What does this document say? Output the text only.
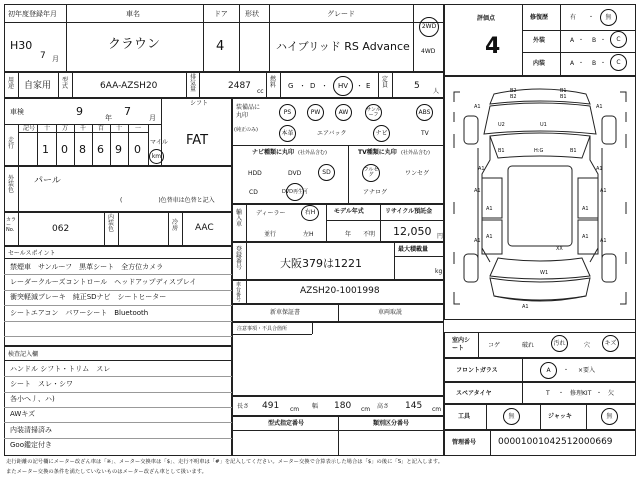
初年度登録年月
H30
7 月
車名
クラウン
ドア
4
形状	グレード
ハイブリッド RS Advance
2WD
4WD
用途 自家用
型式	6AA-AZSH20
排気量	2487
cc
燃料 G ・ D ・ HV ・ E
定員	5
人
車検	9	年 7	月
シフト
FAT
走行
記号 十 万 千 百 十 一
1 0 8 6 9 0
マイル
km
外装色
パール
(　　　　　　)色替車は色替と記入
カラーNo.	062
内装色
冷房 AAC
セールスポイント
禁煙車　サンルーフ　黒革シート　全方位カメラ
レーダークルーズコントロール　ヘッドアップディスプレイ
衝突軽減ブレーキ　純正SDナビ　シートヒーター
シートエアコン　パワーシート　Bluetooth
検査記入欄
ハンドル シフト・トリム　スレ
シート　スレ・シワ
各小へ丿、ハ)
AWキズ
内装清掃済み
Goo鑑定付き
装備品に丸印
(純正のみ)
PS	PW	AW	サンルーフ	ABS
本革	エアバック	ナビ	TV
ナビ種類に丸印 (社外品含む)
HDD	DVD	SD
CD	DVD再生可
TV種類に丸印 (社外品含む)
フルセグ	ワンセグ
アナログ
輸入車
ディーラー	右H
並行	左H
モデル年式
年 不明
リサイクル預託金
12,050 円
登録番号	大阪379は1221
最大積載量
kg
車台番号
AZSH20-1001998
新車保証書	車両取説
注意事項・不具合箇所
長さ 491 cm 幅 180 cm 高さ 145 cm
型式指定番号	類別区分番号
評価点
4
修復歴	有 ・ 無
外装	A ・ B ・ C
内装	A ・ B ・ C
B2	B1
A1	A1
U2	U1
XX
W1
A1	A1
B1
A1	A1
A1
B2
A1
B1
A1	A1
B1
A1	A1
A1
H:G
室内シート	コゲ	破れ	汚れ	穴 キズ
フロントガラス	A ・ ×要入
スペアタイヤ	T ・ 修理KIT ・ 欠
工具	無	ジャッキ	無
管理番号 00001001042512000669
走行距離の記号欄にメーター改ざん車は「※」、メーター交換車は「$」、走行不明車は「#」を記入してください。メーター交換で合算表示した場合は「$」の後に「S」と記入します。
またメーター交換の条件を満たしていないものはメーター改ざん車として扱います。
